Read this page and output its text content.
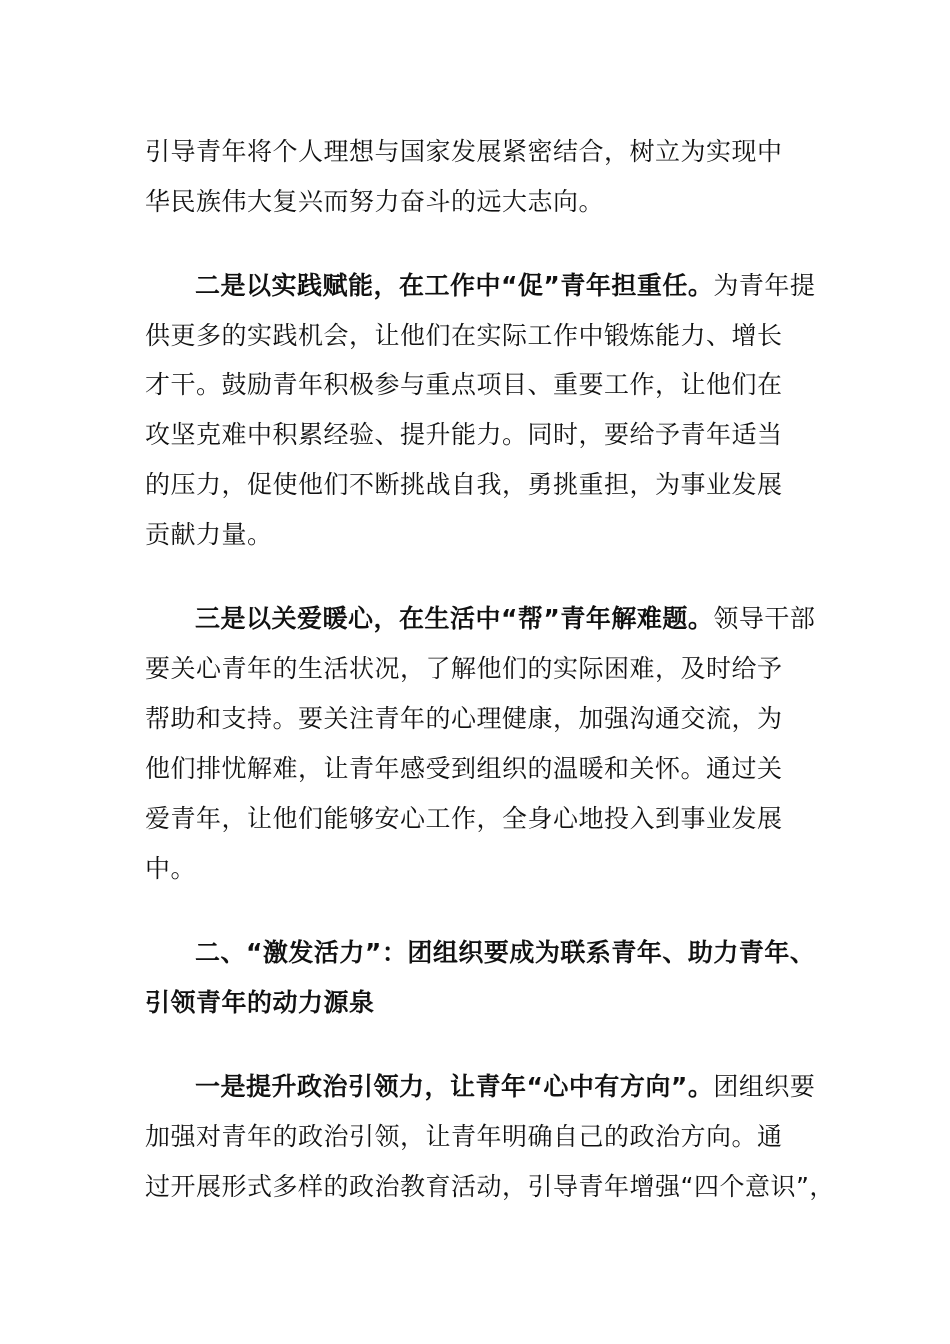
引导青年将个人理想与国家发展紧密结合，树立为实现中
华民族伟大复兴而努力奋斗的远大志向。
二是以实践赋能，在工作中“促”青年担重任。为青年提
供更多的实践机会，让他们在实际工作中锻炼能力、增长
才干。鼓励青年积极参与重点项目、重要工作，让他们在
攻坚克难中积累经验、提升能力。同时，要给予青年适当
的压力，促使他们不断挑战自我，勇挑重担，为事业发展
贡献力量。
三是以关爱暖心，在生活中“帮”青年解难题。领导干部
要关心青年的生活状况，了解他们的实际困难，及时给予
帮助和支持。要关注青年的心理健康，加强沟通交流，为
他们排忧解难，让青年感受到组织的温暖和关怀。通过关
爱青年，让他们能够安心工作，全身心地投入到事业发展
中。
二、“激发活力”：团组织要成为联系青年、助力青年、
引领青年的动力源泉
一是提升政治引领力，让青年“心中有方向”。团组织要
加强对青年的政治引领，让青年明确自己的政治方向。通
过开展形式多样的政治教育活动，引导青年增强“四个意识”，
